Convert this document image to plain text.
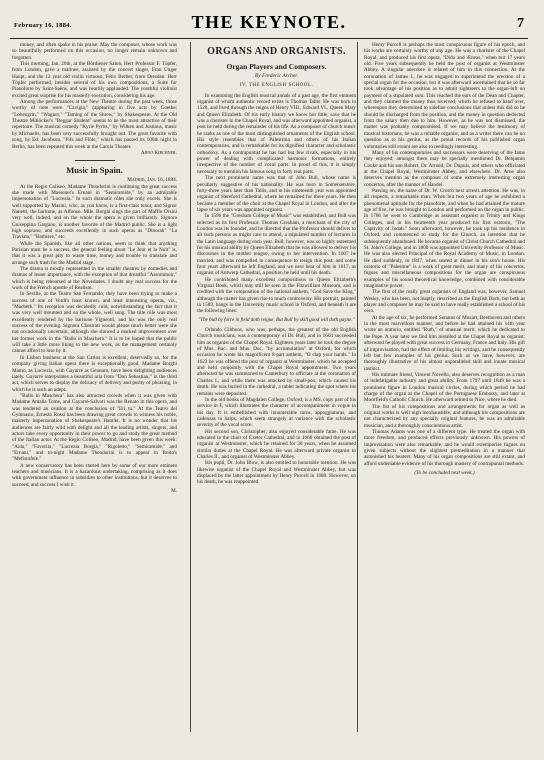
February 16, 1884.	THE KEYNOTE.	7

money, and often spoke in his praise. May the composer, whose work was so beautifully performed on this occasion, no longer remain unknown and forgotten.

This morning, Jan. 26th, at the Bördiener Salon, Herr Professor F. Töpfer, from London, gave a matinee, assisted by the concert singer, Frau Unger Haupt, and the 12 year old violin virtuoso, Felix Berber, from Dresden. Herr Töpfer performed, besides several of his own compositions, a Suite for Pianoforte by Saint-Saëns, and was heartily applauded. The youthful violinist excited great surprise for his masterly execution, considering his age.

Among the performances at the New Theatre during the past week, those worthy of note were "Cavigia," (appearing in five acts by Goethe; "Lohengrin," "Wagner," "Taming of the Shrew," by Shakespeare. At the Old Theatre Millöcker's "Beggar Student" seems to be the most attractive of their repertoire. The musical comedy "Kyrie Pyrits," by Wilken and Justinus, music by Michaelis, has been very successfully brought out. The great favorite with song, by Ed. Jacobson, "Fifs and Flöte," which has passed its 100th night in Berlin, has been repeated this week at the Carola Theater.

Arno Kirchner.
Music in Spain.
Madrid, Jan. 16, 1884.

At the Regio Coliseo, Madame Theodorini is continuing the great success she made with Massenet's Ernani in "Semiramide," by an admirable impersonation of "Lucrezia." In such dramatic rôles she truly excels. She is well supported by Masini, who, as you know, is a first-class tenor, and Signor Nanetti, the baritone, as Alfonso. Mlle. Borghi sings the part of Maffio Orsini very well, indeed, and on the whole the opera is given brilliantly. Signora Guiseppina Gargano, is another favorite of the Madrid public. She is a light high soprano, and succeeds excellently in such operas as "Dinorah" "La Traviata," "Barbiere," etc.

While the Spanish, like all other nations, seem to think that anything Parisian must be a success, the general feeling about "Le Jour et la Nuit" is, that it was a great pity to waste time, money and trouble to translate and arrange such trash for the Madrid stage.

The drama is mostly represented in the smaller theatres by comedies and dramas of lesser importance, with the exception of that dreadful "Assommoir," which is being rehearsed at the Novedades. I doubt any real success for the work of the French apostle of Realism.

In Seville, at the Teatro San Fernando, they have been trying to make a success of one of Verdi's least known, and least interesting operas, viz., "Macbeth." Its reception was decidedly cold, notwithstanding the fact that it was very well mounted and on the whole, well sung. The title rôle was most excellently rendered by the baritone Vigneotti, and his was the only real success of the evening. Signora Chestrati would please much better were she not occasionally uncertain, although she showed a marked improvement over her former work in the "Ballo in Maschera." It is to be hoped that the public will take a little more liking to the new work, as the management certainly cannot afford to lose by it.

In Lisbon business at the San Carlos is excellent, deservedly so, for the company giving Italian opera there is exceptionally good. Madame Borghi Mamo, as Lucrezia, with Gayarré as Gennaro, have been delighting audiences lately. Gayarré interpolates a beautiful aria from "Don Sebastian," in the third act, which serves to display the delicacy of delivery and purity of phrasing, in which he is such an adept.

"Ballo in Maschera" has also attracted crowds when it was given with Madame Amalia Tome, and Gayarré-Salvoti was the Renato in this opera, and was tendered an ovation at the conclusion of "Eri tu." At the Teatro del Gymnasio, Ernesto Rossi has been drawing great crowds to witness his noble, masterly impersonation of Shakespeare's Hamlet. It is no wonder that his audiences are fairly wild with delight and all the leading artists, singers, and actors take every opportunity in their power to go and study the great method of the Italian actor. At the Regio Coliseo, Madrid, have been given this week: "Aida," "Favorita," "Lucrezia Borgia," "Rigoletto," "Semiramide," and "Ernani," and to-night Madame Theodorini is to appear in Boito's "Mefistofele."

A new conservatory has been started here by some of our more eminent teachers and musicians. It is a hazardous undertaking, comprising as it does with government influence in subsidies to other institutions, but it deserves to succeed, and success I wish it.

M.
ORGANS AND ORGANISTS.
Organ Players and Composers.
By Frederic Archer.
IV. THE ENGLISH SCHOOL.

In examining the English musical annals of a past age, the first eminent organist of whom authentic record exists is Thomas Tallis. He was born in 1520, and lived through the reigns of Henry VIII., Edward VI., Queen Mary and Queen Elizabeth. Of his early history we know but little, save that he was a chorister in the Chapel Royal, and was afterward appointed organist, a post he held during the remainder of his life. As a composer of church music he ranks as one of the most distinguished ornaments of the English school. His style resembles that of Palestrina and others of his Italian contemporaries, and is remarkable for its dignified character and scholastic orthodoxy. As a contrapuntist he has had but few rivals, especially in his power of dealing with complicated harmonic formations, entirely irrespective of the number of vocal parts. In proof of this, it is simply necessary to mention his famous song in forty real parts.

The next prominent name was that of John Bull, whose name is peculiarly suggestive of his nationality. He was born in Somersetshire, forty-three years later than Tallis, and in his nineteenth year was appointed organist of Hereford Cathedral, where he remained for three years. He then became a member of the choir at the Chapel Royal in London, and after the lapse of six years was appointed organist.

In 1596 the "Gresham College of Music" was established, and Bull was selected as its first Professor. Thomas Gresham, a merchant of the city of London was its founder, and he directed that the Professor should deliver to all such persons as might care to attend, a stipulated number of lectures in the Latin language during each year. Bull, however, was so highly esteemed for his musical ability by Queen Elizabeth that he was allowed to deliver his discourses in the mother tongue, owing to her intervention. In 1607 he married, and was compelled in consequence to resign this post, and some four years afterward he left England, and we next hear of him in 1617, as organist of Antwerp Cathedral, a position he held until his death.

He contributed many excellent compositions to Queen Elizabeth's Virginal Book, which may still be seen in the Fitzwilliam Museum, and is credited with the composition of the national anthem, "God Save the King," although the matter has given rise to much controversy. His portrait, painted in 1589, hangs in the University music school in Oxford, and beneath it are the following lines:

"The bull by force in field doth reigne, But Bull by skill good will doth gayne."

Orlando Gibbons, who was, perhaps, the greatest of the old English Church musicians, was a contemporary of Dr. Bull, and in 1604 succeeded him as organist of the Chapel Royal. Eighteen years later he took the degree of Mus. Bac. and Mus. Doc. "by accumulation" at Oxford, for which occasion he wrote his magnificent 8-part anthem, "O clap your hands." In 1623 he was offered the post of organist at Westminster, which he accepted and held conjointly with the Chapel Royal appointment. Two years afterward he was summoned to Canterbury to officiate at the coronation of Charles I., and while there was attacked by small-pox, which caused his death. He was buried in the cathedral, a tablet indicating the spot where his remains were deposited.

In the old books of Magdalen College, Oxford, is a MS. copy part of his service in F, which illustrates the character of accompaniment in vogue in his day. It is embellished with innumerable turns, appoggiaturas, and cadenzas to harps, which seem strangely at variance with the scholastic severity of the vocal score.

His second son, Christopher, also enjoyed considerable fame. He was educated in the choir of Exeter Cathedral, and in 1660 obtained the post of organist at Westminster, which he retained for 30 years, when he assumed similar duties at the Chapel Royal. He was afterward private organist to Charles II., and organist of Westminster Abbey.

His pupil, Dr. John Blow, is also entitled to honorable mention. He was likewise organist of the Chapel Royal and Westminster Abbey, but was displaced by the latter appointment by Henry Purcell in 1680. However, on his death, he was reappointed.

Henry Purcell is perhaps the most conspicuous figure of his epoch, and his works are certainly worthy of any age. He was a chorister of the Chapel Royal, and produced his first opera, "Dido and Æneas," when but 17 years old. Five years subsequently he held the post of organist at Westminster Abbey. A singular anecdote is related of him in this connection. At the coronation of James I., he was engaged to superintend the erection of a special organ for the occasion, but it was afterward ascertained that he so far took advantage of his position as to admit sightseers to the organ-loft on payment of a stipulated sum. This reached the ears of the Dean and Chapter, and they claimed the money thus received, which he refused to hand over, whereupon they determined to sideline conclusions that unless this did so he should be discharged from the position, and the money in question deducted from the salary then due to him. However, as he was not dismissed, the matter was probably compromised. If we may believe the testimony of musical historians, he was a reliable organist, and as a writer there can be no question as to his genius, as the proud records of his published organ voluntaries still extant are also exceedingly interesting.

Many of his contemporaries and successors were deserving of the fame they enjoyed; amongst them may be specially mentioned Dr. Benjamin Cooke and his son Robert, Dr. Arnold, Dr. Dupuis, and others who officiated at the Chapel Royal, Westminster Abbey, and elsewhere. Dr. Arne also deserves mention as the composer of some extremely interesting organ concertos, after the manner of Handel.

Passing on, the name of Dr. W. Crotch next arrests attention. He was, in all respects, a remarkable man. When but two years of age he exhibited a phenomenal aptitude for the pianoforte, and when he had attained the mature age of five, he was brought to London and performed on the organ in public. In 1786 he went to Cambridge as assistant organist at Trinity and Kings Colleges, and in his fourteenth year produced his first oratorio, "The Captivity of Judah." Soon afterward, however, he took up his residence in Oxford, and commenced to study for the Church, an intention that he subsequently abandoned. He became organist of Christ Church Cathedral and St. John's College, and in 1800 was appointed University Professor of Music. He was also elected Principal of the Royal Academy of Music, in London. He died suddenly, in 1847, when seated at dinner in his son's house. His oratorio of "Palestine" is a work of great merit, and many of his concertos, fugues and miscellaneous compositions for the organ are conspicuous examples of his sound theoretical knowledge, combined with considerable imaginative power.

The first of the really great organists of England was, however, Samuel Wesley, who has been, not inaptly, described as the English Bach, but both as player and composer he may be said to have really established a school of his own.

At the age of six, he performed Sonatas of Mozart, Beethoven and others in the most marvellous manner, and before he had attained his 14th year wrote an oratorio, entitled "Ruth," of unusual merit, which he dedicated to the Pope. A year later we find him installed at the Chapel Royal as organist; afterward he played with great success in Germany, France and Italy. His gift of improvisation, had the effect of limiting his writings, and he consequently left but few examples of his genius. Such as we have, however, are thoroughly illustrative of his almost unparalleled skill and innate musical instinct.

His intimate friend, Vincent Novello, also deserves recognition as a man of indefatigable industry and great ability. From 1797 until 1849 he was a prominent figure in London musical circles, during which period he had charge of the organ at the Chapel of the Portuguese Embassy, and later at Moorfield's Catholic Church. He afterward retired to Nice, where he died.

The list of his compositions and arrangements for organ as well as original works is well nigh inexhaustible, and although his compositions are not characterized by any specially original features, he was an admirable musician, and a thoroughly conscientious artist.

Thomas Adams was one of a different type. He treated the organ with more freedom, and produced effects previously unknown. His powers of improvisation were also remarkable, and he would extemporise fugues on given subjects without the slightest premeditation in a manner that astonished his hearers. Many of his organ compositions are still extant, and afford undeniable evidence of his thorough mastery of contrapuntal methods.

(To be concluded next week.)
